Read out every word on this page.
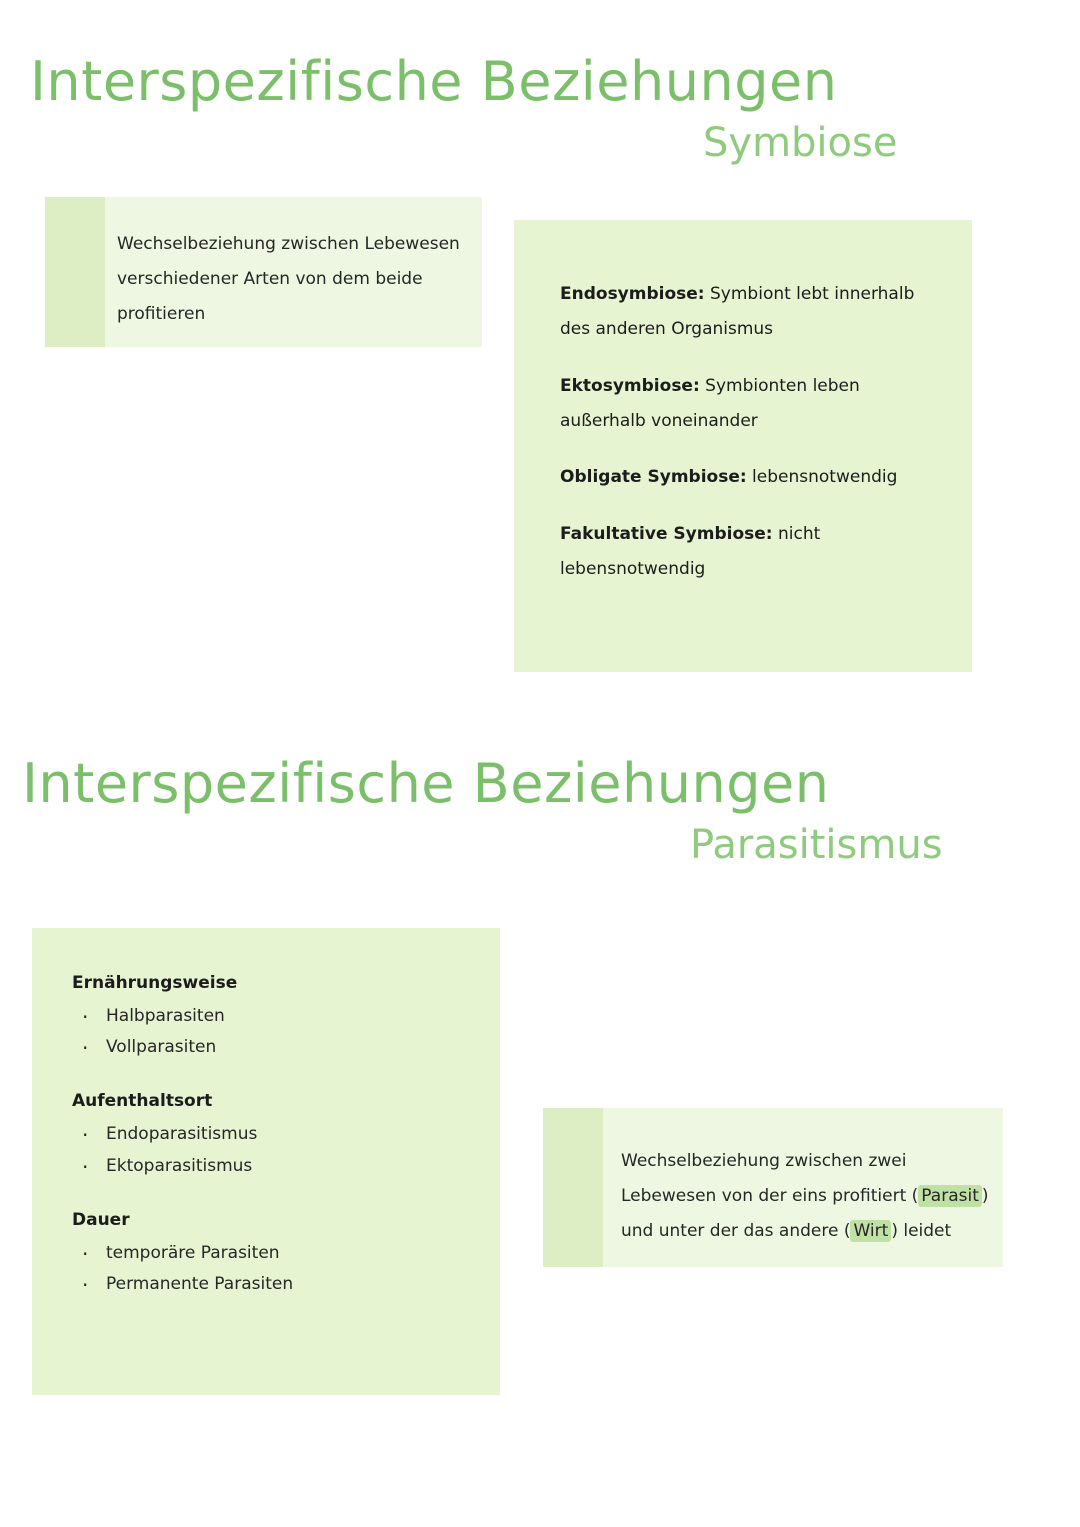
Interspezifische Beziehungen
Symbiose
Wechselbeziehung zwischen Lebewesen verschiedener Arten von dem beide profitieren
Endosymbiose: Symbiont lebt innerhalb des anderen Organismus
Ektosymbiose: Symbionten leben außerhalb voneinander
Obligate Symbiose: lebensnotwendig
Fakultative Symbiose: nicht lebensnotwendig
Interspezifische Beziehungen
Parasitismus
Ernährungsweise
· Halbparasiten
· Vollparasiten
Aufenthaltsort
· Endoparasitismus
· Ektoparasitismus
Dauer
· temporäre Parasiten
· Permanente Parasiten
Wechselbeziehung zwischen zwei Lebewesen von der eins profitiert ( Parasit ) und unter der das andere ( Wirt ) leidet
